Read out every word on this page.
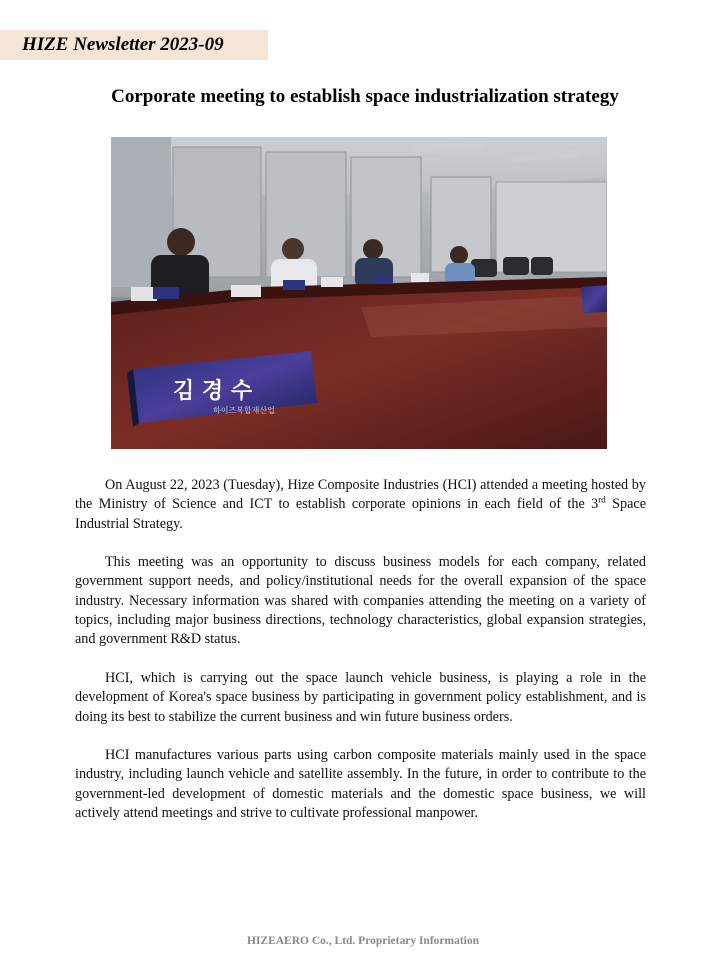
HIZE Newsletter 2023-09
Corporate meeting to establish space industrialization strategy
김 경 수
하이즈복합재산업

On August 22, 2023 (Tuesday), Hize Composite Industries (HCI) attended a meeting hosted by the Ministry of Science and ICT to establish corporate opinions in each field of the 3rd Space Industrial Strategy.

This meeting was an opportunity to discuss business models for each company, related government support needs, and policy/institutional needs for the overall expansion of the space industry. Necessary information was shared with companies attending the meeting on a variety of topics, including major business directions, technology characteristics, global expansion strategies, and government R&D status.

HCI, which is carrying out the space launch vehicle business, is playing a role in the development of Korea's space business by participating in government policy establishment, and is doing its best to stabilize the current business and win future business orders.

HCI manufactures various parts using carbon composite materials mainly used in the space industry, including launch vehicle and satellite assembly. In the future, in order to contribute to the government-led development of domestic materials and the domestic space business, we will actively attend meetings and strive to cultivate professional manpower.

HIZEAERO Co., Ltd. Proprietary Information
